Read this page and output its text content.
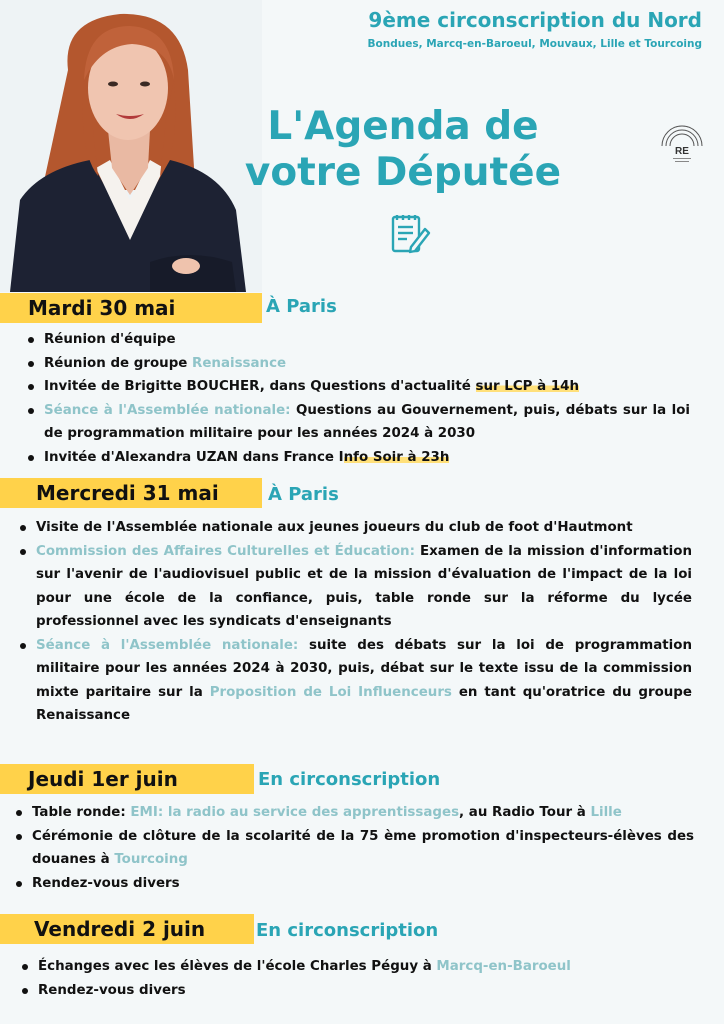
9ème circonscription du Nord
Bondues, Marcq-en-Baroeul, Mouvaux, Lille et Tourcoing
L'Agenda de
votre Députée	RE
Mardi 30 mai	À Paris
Réunion d'équipe
Réunion de groupe Renaissance
Invitée de Brigitte BOUCHER, dans Questions d'actualité sur LCP à 14h
Séance à l'Assemblée nationale: Questions au Gouvernement, puis, débats sur la loi de programmation militaire pour les années 2024 à 2030
Invitée d'Alexandra UZAN dans France Info Soir à 23h
Mercredi 31 mai	À Paris
Visite de l'Assemblée nationale aux jeunes joueurs du club de foot d'Hautmont
Commission des Affaires Culturelles et Éducation: Examen de la mission d'information sur l'avenir de l'audiovisuel public et de la mission d'évaluation de l'impact de la loi pour une école de la confiance, puis, table ronde sur la réforme du lycée professionnel avec les syndicats d'enseignants
Séance à l'Assemblée nationale: suite des débats sur la loi de programmation militaire pour les années 2024 à 2030, puis, débat sur le texte issu de la commission mixte paritaire sur la Proposition de Loi Influenceurs en tant qu'oratrice du groupe Renaissance
Jeudi 1er juin	En circonscription
Table ronde: EMI: la radio au service des apprentissages, au Radio Tour à Lille
Cérémonie de clôture de la scolarité de la 75 ème promotion d'inspecteurs-élèves des douanes à Tourcoing
Rendez-vous divers
Vendredi 2 juin	En circonscription
Échanges avec les élèves de l'école Charles Péguy à Marcq-en-Baroeul
Rendez-vous divers
